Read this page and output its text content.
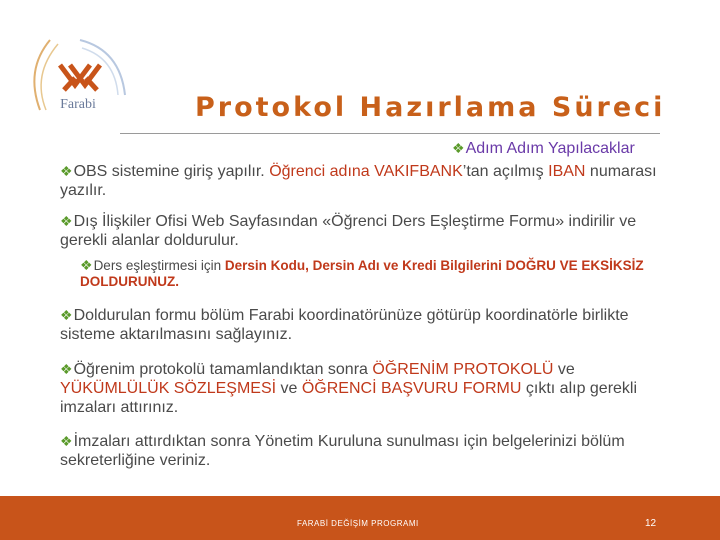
Farabi	Protokol Hazırlama Süreci
❖Adım Adım Yapılacaklar
❖OBS sistemine giriş yapılır. Öğrenci adına VAKIFBANK’tan açılmış IBAN numarası yazılır.
❖Dış İlişkiler Ofisi Web Sayfasından «Öğrenci Ders Eşleştirme Formu» indirilir ve gerekli alanlar doldurulur.
❖Ders eşleştirmesi için Dersin Kodu, Dersin Adı ve Kredi Bilgilerini DOĞRU VE EKSİKSİZ DOLDURUNUZ.
❖Doldurulan formu bölüm Farabi koordinatörünüze götürüp koordinatörle birlikte sisteme aktarılmasını sağlayınız.
❖Öğrenim protokolü tamamlandıktan sonra ÖĞRENİM PROTOKOLÜ ve YÜKÜMLÜLÜK SÖZLEŞMESİ ve ÖĞRENCİ BAŞVURU FORMU çıktı alıp gerekli imzaları attırınız.
❖İmzaları attırdıktan sonra Yönetim Kuruluna sunulması için belgelerinizi bölüm sekreterliğine veriniz.
FARABİ DEĞİŞİM PROGRAMI	12
